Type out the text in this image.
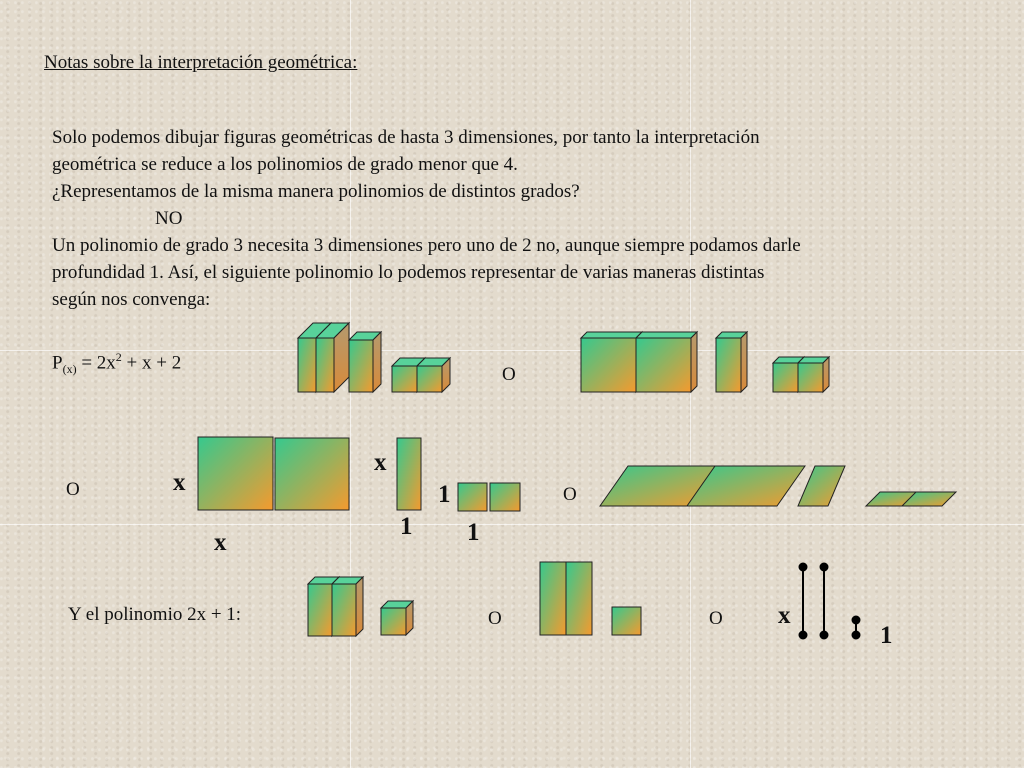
Notas sobre la interpretación geométrica:
Solo podemos dibujar figuras geométricas de hasta 3 dimensiones, por tanto la interpretación
geométrica se reduce a los polinomios de grado menor que 4.
¿Representamos de la misma manera polinomios de distintos grados?
NO
Un polinomio de grado 3 necesita 3 dimensiones pero uno de 2 no, aunque siempre podamos darle
profundidad 1. Así, el siguiente polinomio lo podemos representar de varias maneras distintas
según nos convenga:
$P_{(x)} = 2x^2 + x + 2$
O
O	O
O	O
x
x
x
1
1
1
x
1
Y el polinomio 2x + 1:
